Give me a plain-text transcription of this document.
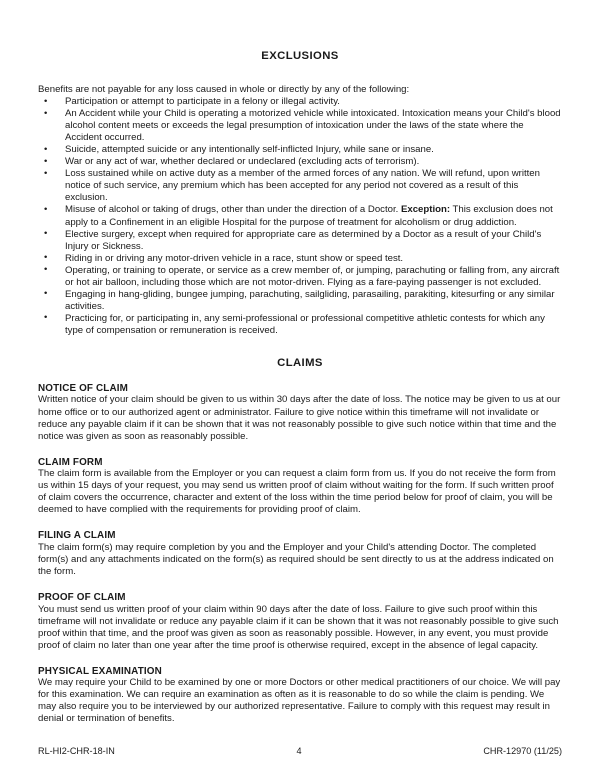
EXCLUSIONS

Benefits are not payable for any loss caused in whole or directly by any of the following:

• Participation or attempt to participate in a felony or illegal activity.
• An Accident while your Child is operating a motorized vehicle while intoxicated. Intoxication means your Child's blood alcohol content meets or exceeds the legal presumption of intoxication under the laws of the state where the Accident occurred.
• Suicide, attempted suicide or any intentionally self-inflicted Injury, while sane or insane.
• War or any act of war, whether declared or undeclared (excluding acts of terrorism).
• Loss sustained while on active duty as a member of the armed forces of any nation. We will refund, upon written notice of such service, any premium which has been accepted for any period not covered as a result of this exclusion.
• Misuse of alcohol or taking of drugs, other than under the direction of a Doctor. Exception: This exclusion does not apply to a Confinement in an eligible Hospital for the purpose of treatment for alcoholism or drug addiction.
• Elective surgery, except when required for appropriate care as determined by a Doctor as a result of your Child's Injury or Sickness.
• Riding in or driving any motor-driven vehicle in a race, stunt show or speed test.
• Operating, or training to operate, or service as a crew member of, or jumping, parachuting or falling from, any aircraft or hot air balloon, including those which are not motor-driven. Flying as a fare-paying passenger is not excluded.
• Engaging in hang-gliding, bungee jumping, parachuting, sailgliding, parasailing, parakiting, kitesurfing or any similar activities.
• Practicing for, or participating in, any semi-professional or professional competitive athletic contests for which any type of compensation or remuneration is received.
CLAIMS
NOTICE OF CLAIM

Written notice of your claim should be given to us within 30 days after the date of loss. The notice may be given to us at our home office or to our authorized agent or administrator. Failure to give notice within this timeframe will not invalidate or reduce any payable claim if it can be shown that it was not reasonably possible to give such notice within that time and the notice was given as soon as reasonably possible.

CLAIM FORM

The claim form is available from the Employer or you can request a claim form from us. If you do not receive the form from us within 15 days of your request, you may send us written proof of claim without waiting for the form. If such written proof of claim covers the occurrence, character and extent of the loss within the time period below for proof of claim, you will be deemed to have complied with the requirements for providing proof of claim.

FILING A CLAIM

The claim form(s) may require completion by you and the Employer and your Child's attending Doctor. The completed form(s) and any attachments indicated on the form(s) as required should be sent directly to us at the address indicated on the form.

PROOF OF CLAIM

You must send us written proof of your claim within 90 days after the date of loss. Failure to give such proof within this timeframe will not invalidate or reduce any payable claim if it can be shown that it was not reasonably possible to give such proof within that time, and the proof was given as soon as reasonably possible. However, in any event, you must provide proof of claim no later than one year after the time proof is otherwise required, except in the absence of legal capacity.

PHYSICAL EXAMINATION

We may require your Child to be examined by one or more Doctors or other medical practitioners of our choice. We will pay for this examination. We can require an examination as often as it is reasonable to do so while the claim is pending. We may also require you to be interviewed by our authorized representative. Failure to comply with this request may result in denial or termination of benefits.

RL-HI2-CHR-18-IN	4	CHR-12970 (11/25)
